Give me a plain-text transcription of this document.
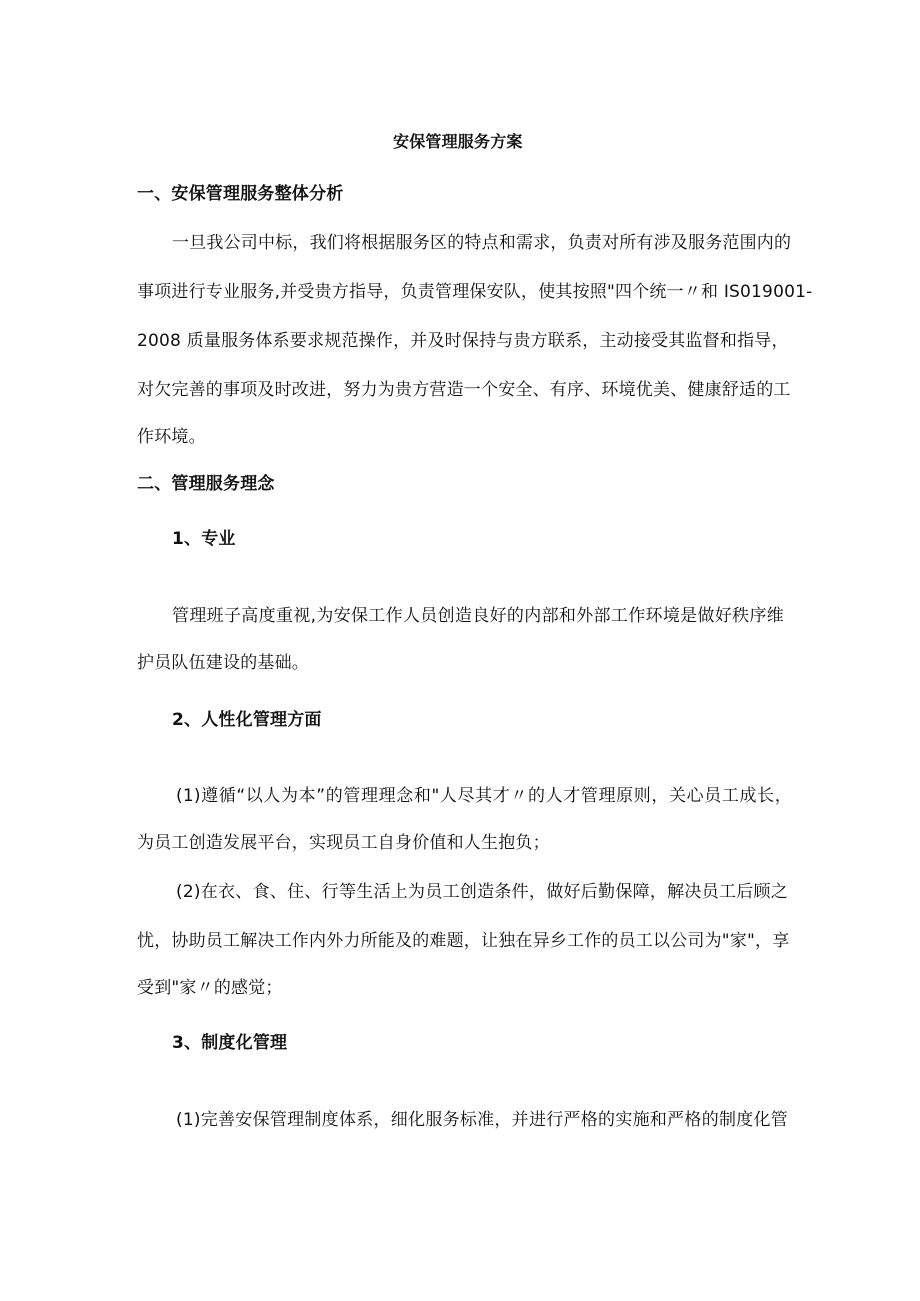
安保管理服务方案
一、安保管理服务整体分析
一旦我公司中标，我们将根据服务区的特点和需求，负责对所有涉及服务范围内的
事项进行专业服务,并受贵方指导，负责管理保安队，使其按照"四个统一〃和 IS019001-
2008 质量服务体系要求规范操作，并及时保持与贵方联系，主动接受其监督和指导，
对欠完善的事项及时改进，努力为贵方营造一个安全、有序、环境优美、健康舒适的工
作环境。
二、管理服务理念
1、专业
管理班子高度重视,为安保工作人员创造良好的内部和外部工作环境是做好秩序维
护员队伍建设的基础。
2、人性化管理方面
(1)遵循“以人为本”的管理理念和"人尽其才〃的人才管理原则，关心员工成长，
为员工创造发展平台，实现员工自身价值和人生抱负；
(2)在衣、食、住、行等生活上为员工创造条件，做好后勤保障，解决员工后顾之
忧，协助员工解决工作内外力所能及的难题，让独在异乡工作的员工以公司为"家"，享
受到"家〃的感觉；
3、制度化管理
(1)完善安保管理制度体系，细化服务标准，并进行严格的实施和严格的制度化管
